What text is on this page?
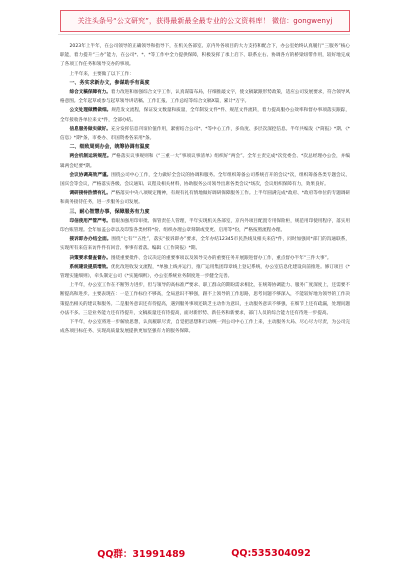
关注头条号“公文研究”，获得最新最全最专业的公文资料库！ 微信：gongwenyj

2023年上半年，在公司领导的正确领导和指导下，在机关各部室、京内外各项目的大力支持和配合下，办公室始终认真履行“三服务”核心职能，着力提升“三办”能力，在公司*、*、*等工作中全力提供保障，积极发挥了承上启下、联系左右、协调各方的桥梁纽带作用，较好地完成了各项工作任务和领导交办的事项。

上半年来，主要做了以下工作：

一、务实求新办文，参谋助手有高度

综合文稿保障有力。着力改进和加强综合文字工作，认真谋篇布局，仔细推敲文字，使文稿紧跟形势政策，适应公司发展要求，符合领导风格意图。全年起草或参与起草领导讲话稿、工作汇报、工作总结等综合文稿X篇，累计*万字。

公文处理做精做细。规范发文流程，保证发文数量和质量，全年制发文件*件、规范文件流转，着力提高服办公效率和督办事项落实跟踪，全年接收各单位来文*件，全部办结。

信息服务做实做好。充分发挥信息刊谊价值作用，紧密结合公司*、*等中心工作，多角度、多层次深挖信息。半年共编发《*简报》*期、《*信息》*期*条，市委办、市国资委各采用*条。

二、细致周到办会，统筹协调有温度

两会机制运转规范。严格落实议事规则和《“三重一大”事项议事清单》组织好“两会”。全年主责完成*次党委会、*次总经理办公会，并编辑两会纪要*期。

会议协调高效严谨。围绕公司中心工作，全力做好全会议的协调和服务。全年组织筹备公司系统召开的会议*次，组织筹备各类专题会议、国宾会等会议，严格落实各级、会议通知、议程及相关材料，协助服务公司领导出席各类会议*场次，会议组织保障有力，效果良好。

调研接待热情有礼。严格落实中央八项规定精神，有规有礼有情地做好调研保障服务工作。上半年圆满完成*政府、*政府等单位的专题调研和商务接待任务，进一步服务公司发展。

三、耐心智慧办事，保障服务有力度

印信使用严管严考。着眼加强用印审批、保管责任人管理，半年实现机关各部室，京内外项目配置专用保险柜，规范用印使用程序，落实用印台账管理。全年加盖公章以及印鉴各类材料*份、组织办理公章刻制或变更、启用等*份，严格按照流程办理。

接诉即办办结全面。围绕“七有”“五性”，落实“接诉即办”要求，全年办结12345市民热线及相关来信*件，同时加强同*部门的沟通联系，实现所有来信来访件件有回音、事事有着落。编辑《工作简报》*期。

决策要求督查督办。围绕重要批件、会议决定的重要事项以及领导交办的重要任务开展跟进督办工作，重点督办半年“三件大事”。

系统建设提质增效。优化改进收发文流程，*单独上线并运行，推广运用集团印章线上登记系统，办公室信息化建设向前推进。修订项目《*管理实施细则》，牵头制定公司《*实施细则》，办公室系统业务制度进一步健全完善。

上半年，办公室工作在不断努力进步，但与领导的高标准严要求、职工群众的期盼需求相比，在统筹协调能力、服务广度深度上，还需要不断提高和进步。主要表现在：一是工作标位不够高，全局意识不够强，跟不上领导的工作思路，思考问题不够深入，不能较好地为领导的工作决策提出相关的建议和服务。二是服务意识还有待提高，遇到服务事项还缺乏主动作为意识，主动服务意识不够强，在细节上还有疏漏，处理问题办法不多。三是业务能力还有待提升，文稿质量还有待提高，面对新形势、新任务和新要求，部门人员的综合能力还有待进一步提高。

下半年，办公室将进一步解放思想，认真履职尽责，自觉把思想和行动统一到公司中心工作上来，主动服务大局、尽心尽力尽责，为公司完成各项目标任务、实现高质量发展提供更加坚强有力的服务保障。

QQ群：31991489	QQ:535304092
